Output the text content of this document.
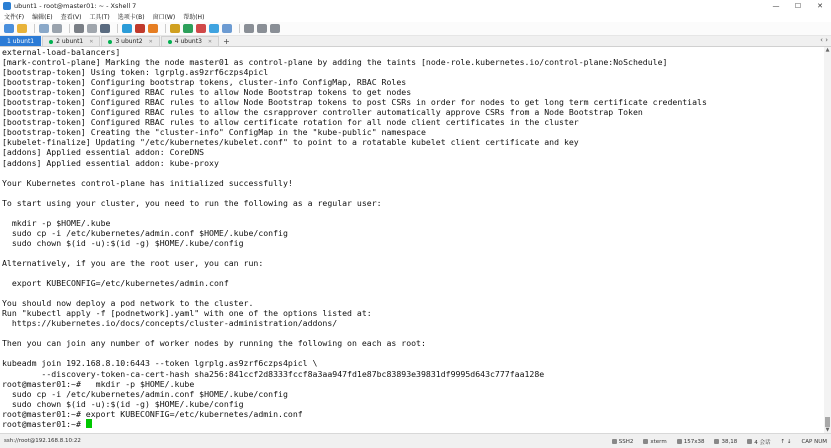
ubunt1 - root@master01: ~ - Xshell 7	—	☐	✕
文件(F) 编辑(E) 查看(V) 工具(T) 选项卡(B) 窗口(W) 帮助(H)
1 ubunt1	2 ubunt1 ✕	3 ubunt2 ✕	4 ubunt3 ✕ +	‹ ›
external-load-balancers]
[mark-control-plane] Marking the node master01 as control-plane by adding the taints [node-role.kubernetes.io/control-plane:NoSchedule]
[bootstrap-token] Using token: lgrplg.as9zrf6czps4picl
[bootstrap-token] Configuring bootstrap tokens, cluster-info ConfigMap, RBAC Roles
[bootstrap-token] Configured RBAC rules to allow Node Bootstrap tokens to get nodes
[bootstrap-token] Configured RBAC rules to allow Node Bootstrap tokens to post CSRs in order for nodes to get long term certificate credentials
[bootstrap-token] Configured RBAC rules to allow the csrapprover controller automatically approve CSRs from a Node Bootstrap Token
[bootstrap-token] Configured RBAC rules to allow certificate rotation for all node client certificates in the cluster
[bootstrap-token] Creating the "cluster-info" ConfigMap in the "kube-public" namespace
[kubelet-finalize] Updating "/etc/kubernetes/kubelet.conf" to point to a rotatable kubelet client certificate and key
[addons] Applied essential addon: CoreDNS
[addons] Applied essential addon: kube-proxy
Your Kubernetes control-plane has initialized successfully!
To start using your cluster, you need to run the following as a regular user:
mkdir -p $HOME/.kube
sudo cp -i /etc/kubernetes/admin.conf $HOME/.kube/config
sudo chown $(id -u):$(id -g) $HOME/.kube/config
Alternatively, if you are the root user, you can run:
export KUBECONFIG=/etc/kubernetes/admin.conf
You should now deploy a pod network to the cluster.
Run "kubectl apply -f [podnetwork].yaml" with one of the options listed at:
https://kubernetes.io/docs/concepts/cluster-administration/addons/
Then you can join any number of worker nodes by running the following on each as root:
kubeadm join 192.168.8.10:6443 --token lgrplg.as9zrf6czps4picl \
--discovery-token-ca-cert-hash sha256:841ccf2d8333fccf8a3aa947fd1e87bc83893e39831df9995d643c777faa128e
root@master01:~#   mkdir -p $HOME/.kube
sudo cp -i /etc/kubernetes/admin.conf $HOME/.kube/config
sudo chown $(id -u):$(id -g) $HOME/.kube/config
root@master01:~# export KUBECONFIG=/etc/kubernetes/admin.conf
root@master01:~#
▲
▼
ssh://root@192.168.8.10:22	SSH2	xterm	157x38	38,18	4 会话 ↑ ↓ CAP NUM
